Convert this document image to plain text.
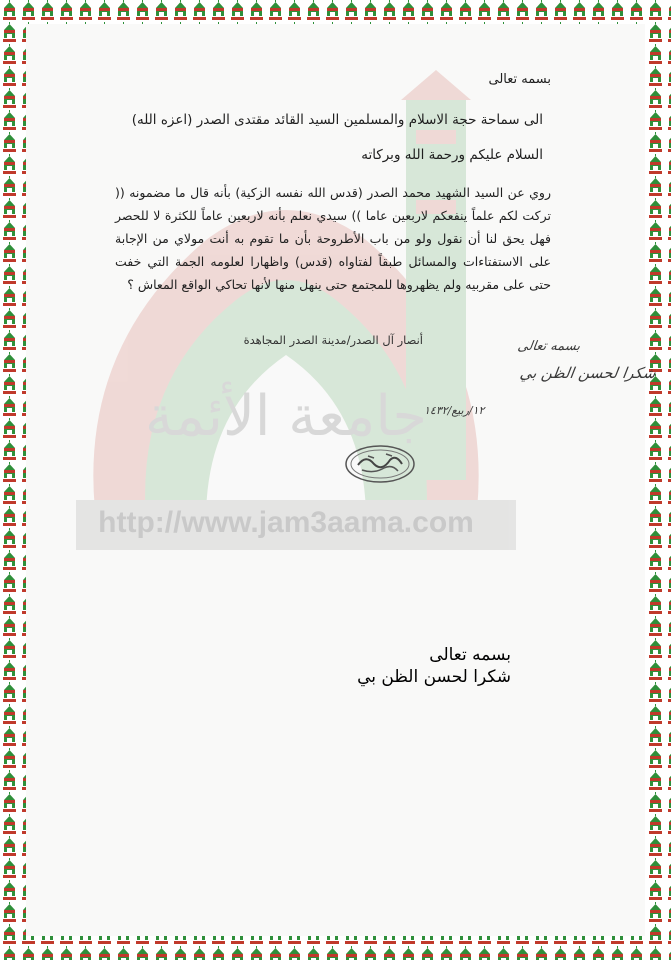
http://www.jam3aama.com
جامعة الأئمة
بسمه تعالى
الى سماحة حجة الاسلام والمسلمين السيد القائد مقتدى الصدر (اعزه الله)
السلام عليكم ورحمة الله وبركاته
روي عن السيد الشهيد محمد الصدر (قدس الله نفسه الزكية) بأنه قال ما مضمونه (( تركت لكم علماً ينفعكم لاربعين عاما )) سيدي نعلم بأنه لاربعين عاماً للكثرة لا للحصر فهل يحق لنا أن نقول ولو من باب الأطروحة بأن ما تقوم به أنت مولاي من الإجابة على الاستفتاءات والمسائل طبقاً لفتاواه (قدس) واظهارا لعلومه الجمة التي خفت حتى على مقربيه ولم يظهروها للمجتمع حتى ينهل منها لأنها تحاكي الواقع المعاش ؟
أنصار آل الصدر/مدينة الصدر المجاهدة	بسمه تعالى
شكرا لحسن الظن بي
١٢/ربيع/١٤٣٢
بسمه تعالى
شكرا لحسن الظن بي
